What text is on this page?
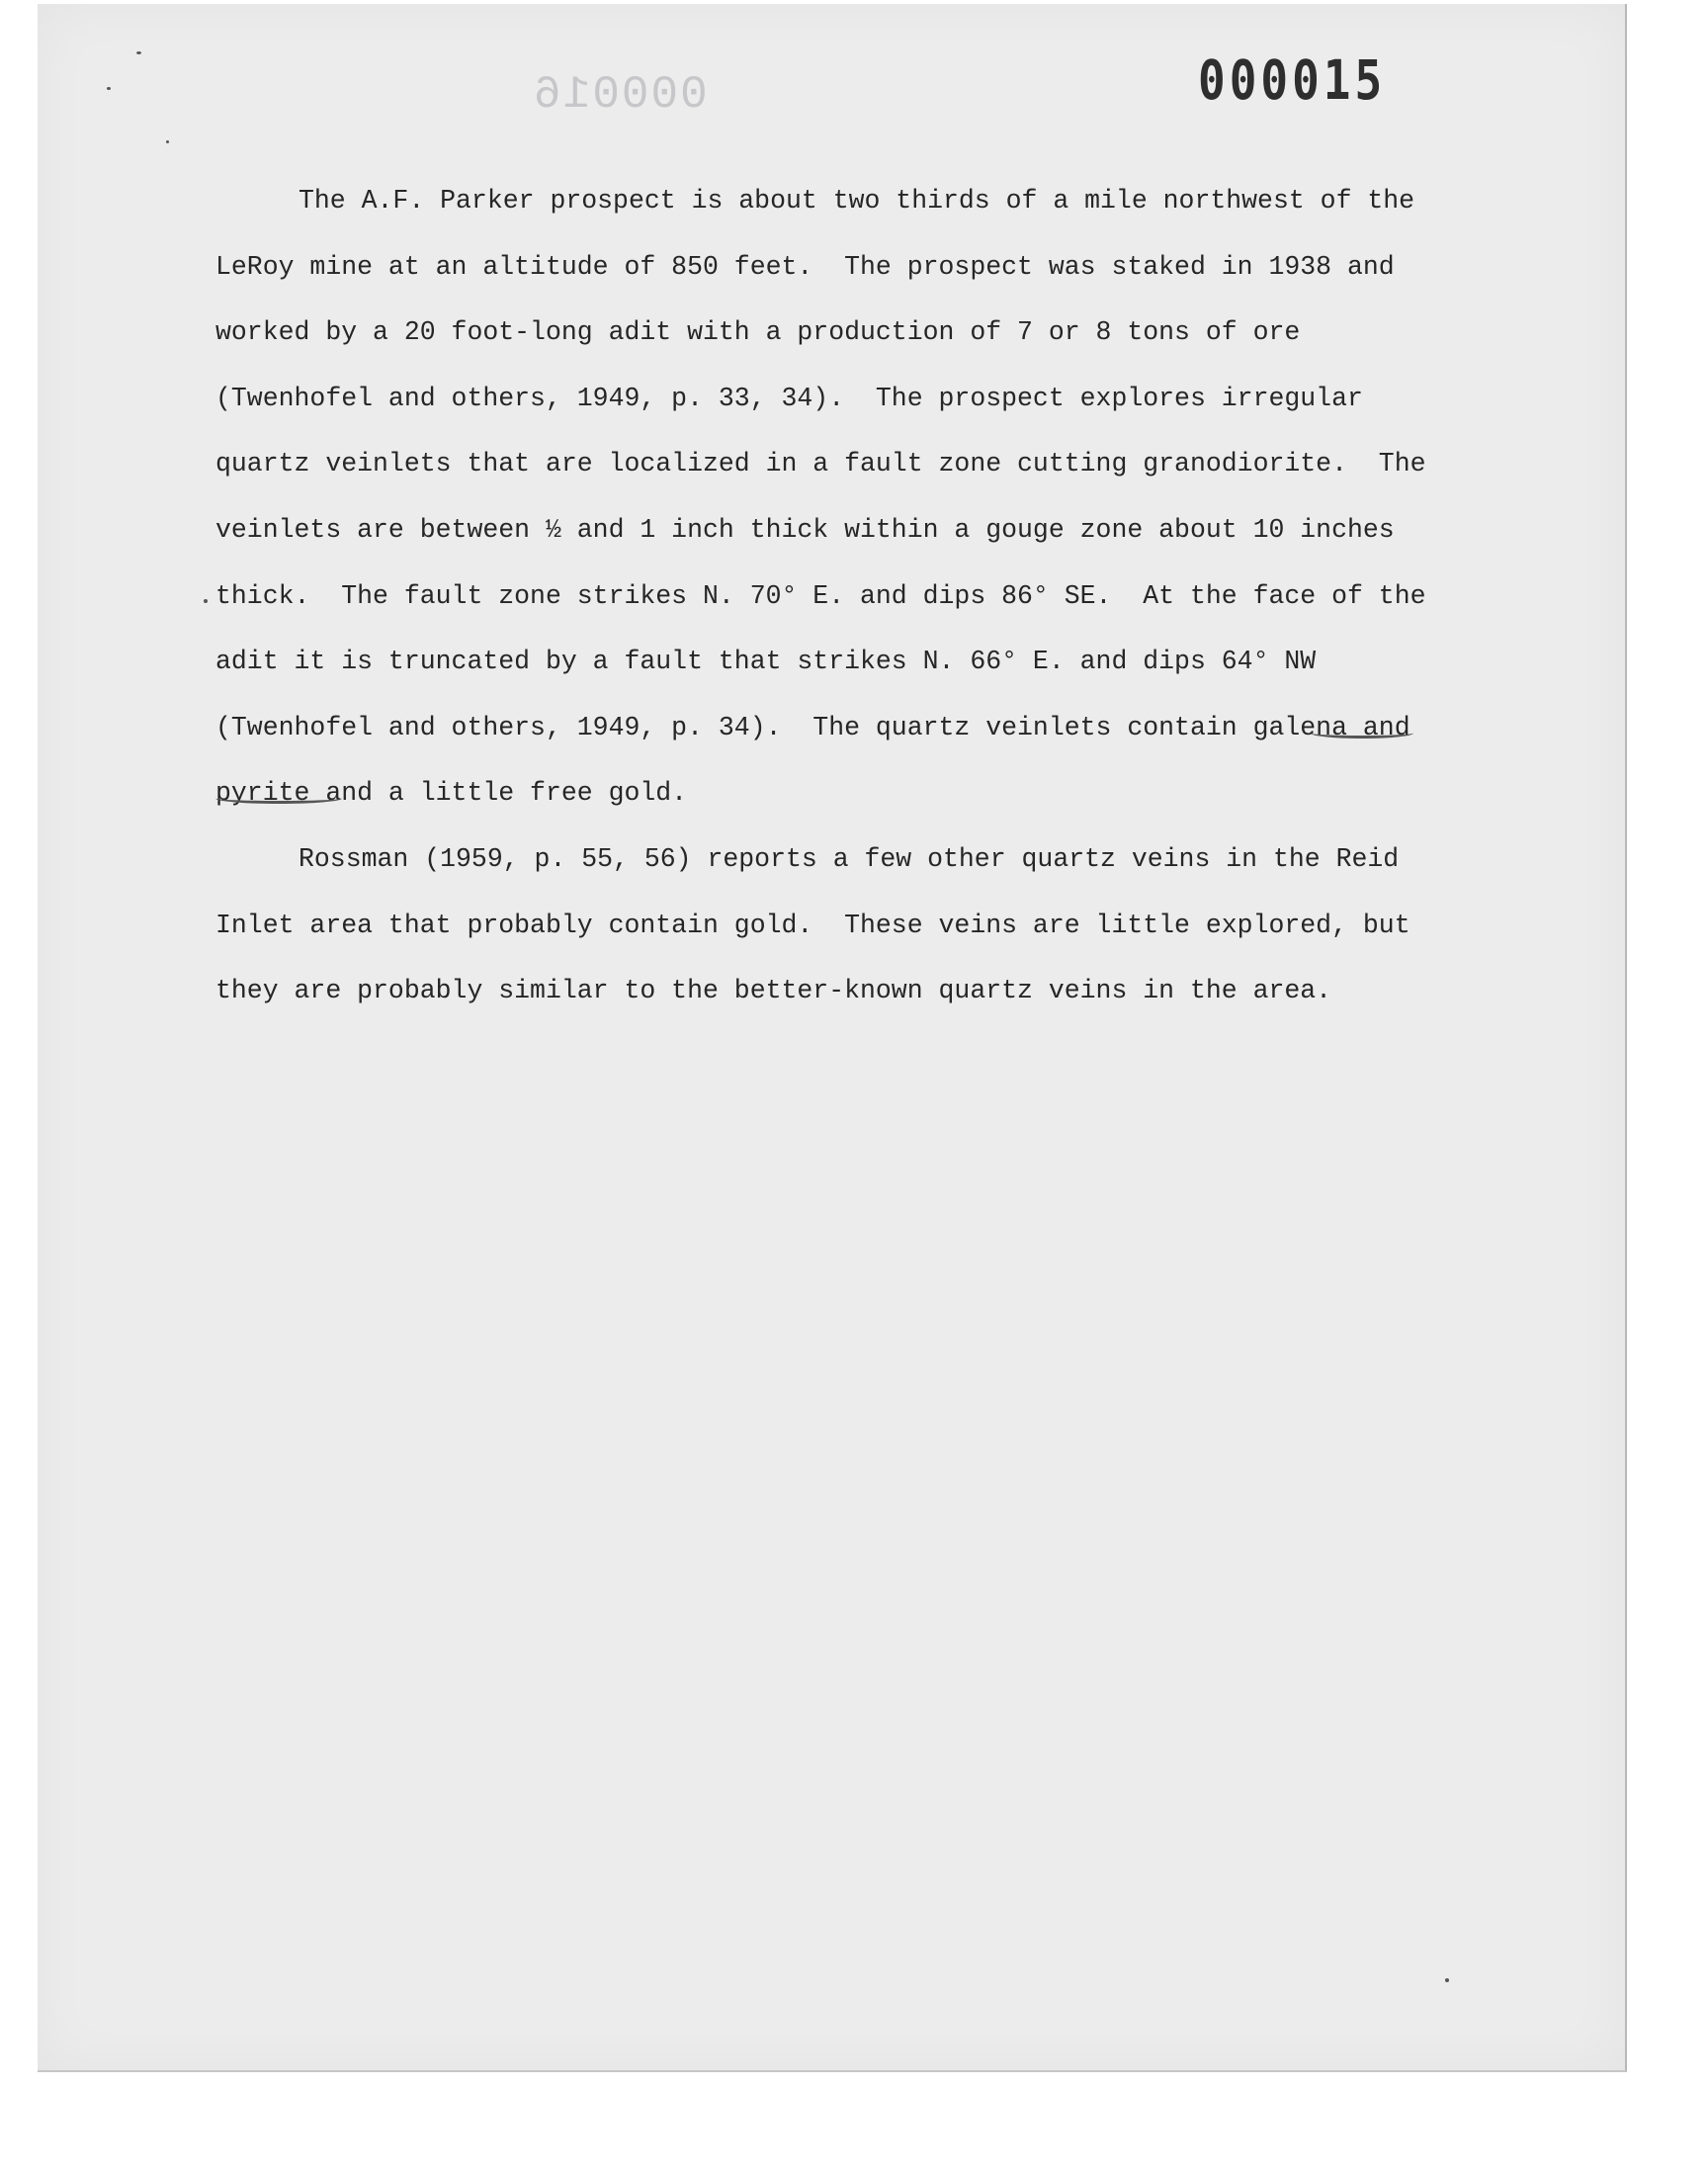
000016	000015
The A.F. Parker prospect is about two thirds of a mile northwest of the
LeRoy mine at an altitude of 850 feet.  The prospect was staked in 1938 and
worked by a 20 foot-long adit with a production of 7 or 8 tons of ore
(Twenhofel and others, 1949, p. 33, 34).  The prospect explores irregular
quartz veinlets that are localized in a fault zone cutting granodiorite.  The
veinlets are between ½ and 1 inch thick within a gouge zone about 10 inches
thick.  The fault zone strikes N. 70° E. and dips 86° SE.  At the face of the
adit it is truncated by a fault that strikes N. 66° E. and dips 64° NW
(Twenhofel and others, 1949, p. 34).  The quartz veinlets contain galena and
pyrite and a little free gold.
Rossman (1959, p. 55, 56) reports a few other quartz veins in the Reid
Inlet area that probably contain gold.  These veins are little explored, but
they are probably similar to the better-known quartz veins in the area.
